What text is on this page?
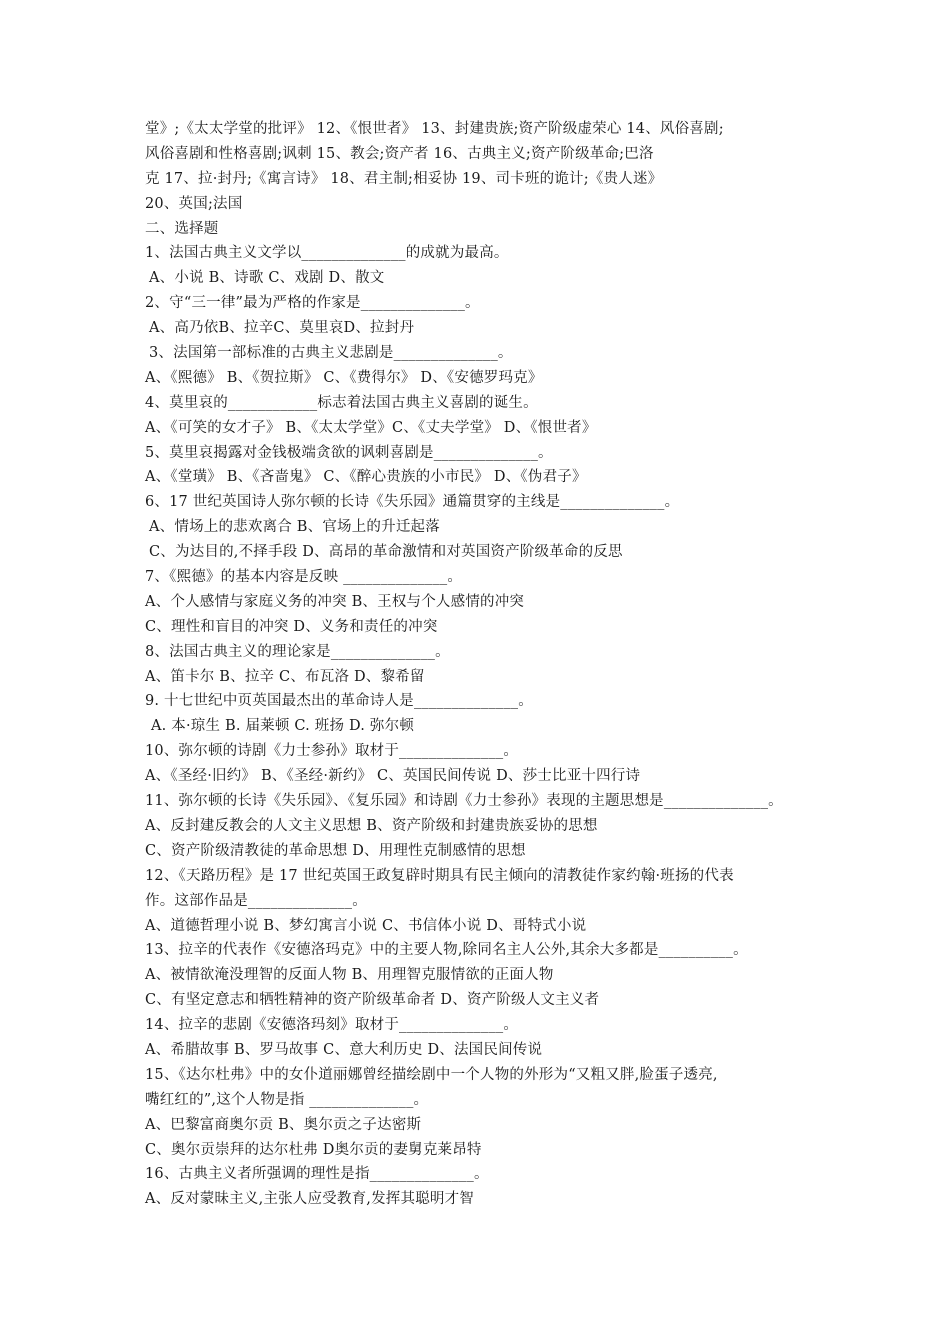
堂》;《太太学堂的批评》 12、《恨世者》 13、封建贵族;资产阶级虚荣心 14、风俗喜剧;
风俗喜剧和性格喜剧;讽刺 15、教会;资产者 16、古典主义;资产阶级革命;巴洛
克 17、拉·封丹;《寓言诗》 18、君主制;相妥协 19、司卡班的诡计;《贵人迷》
20、英国;法国
二、选择题
1、法国古典主义文学以______________的成就为最高。
A、小说 B、诗歌 C、戏剧 D、散文
2、守“三一律”最为严格的作家是______________。
A、高乃依B、拉辛C、莫里哀D、拉封丹
3、法国第一部标准的古典主义悲剧是______________。
A、《熙德》 B、《贺拉斯》 C、《费得尔》 D、《安德罗玛克》
4、莫里哀的____________标志着法国古典主义喜剧的诞生。
A、《可笑的女才子》 B、《太太学堂》C、《丈夫学堂》 D、《恨世者》
5、莫里哀揭露对金钱极端贪欲的讽刺喜剧是______________。
A、《堂璜》 B、《吝啬鬼》 C、《醉心贵族的小市民》 D、《伪君子》
6、17 世纪英国诗人弥尔顿的长诗《失乐园》通篇贯穿的主线是______________。
A、情场上的悲欢离合 B、官场上的升迁起落
C、为达目的,不择手段 D、高昂的革命激情和对英国资产阶级革命的反思
7、《熙德》的基本内容是反映 ______________。
A、个人感情与家庭义务的冲突 B、王权与个人感情的冲突
C、理性和盲目的冲突 D、义务和责任的冲突
8、法国古典主义的理论家是______________。
A、笛卡尔 B、拉辛 C、布瓦洛 D、黎希留
9. 十七世纪中页英国最杰出的革命诗人是______________。
A. 本·琼生 B. 届莱顿 C. 班扬 D. 弥尔顿
10、弥尔顿的诗剧《力士参孙》取材于______________。
A、《圣经·旧约》 B、《圣经·新约》 C、英国民间传说 D、莎士比亚十四行诗
11、弥尔顿的长诗《失乐园》、《复乐园》和诗剧《力士参孙》表现的主题思想是______________。
A、反封建反教会的人文主义思想 B、资产阶级和封建贵族妥协的思想
C、资产阶级清教徒的革命思想 D、用理性克制感情的思想
12、《天路历程》是 17 世纪英国王政复辟时期具有民主倾向的清教徒作家约翰·班扬的代表
作。这部作品是______________。
A、道德哲理小说 B、梦幻寓言小说 C、书信体小说 D、哥特式小说
13、拉辛的代表作《安德洛玛克》中的主要人物,除同名主人公外,其余大多都是__________。
A、被情欲淹没理智的反面人物 B、用理智克服情欲的正面人物
C、有坚定意志和牺牲精神的资产阶级革命者 D、资产阶级人文主义者
14、拉辛的悲剧《安德洛玛刻》取材于______________。
A、希腊故事 B、罗马故事 C、意大利历史 D、法国民间传说
15、《达尔杜弗》中的女仆道丽娜曾经描绘剧中一个人物的外形为“又粗又胖,脸蛋子透亮,
嘴红红的”,这个人物是指 ______________。
A、巴黎富商奥尔贡 B、奥尔贡之子达密斯
C、奥尔贡崇拜的达尔杜弗 D奥尔贡的妻舅克莱昂特
16、古典主义者所强调的理性是指______________。
A、反对蒙昧主义,主张人应受教育,发挥其聪明才智
